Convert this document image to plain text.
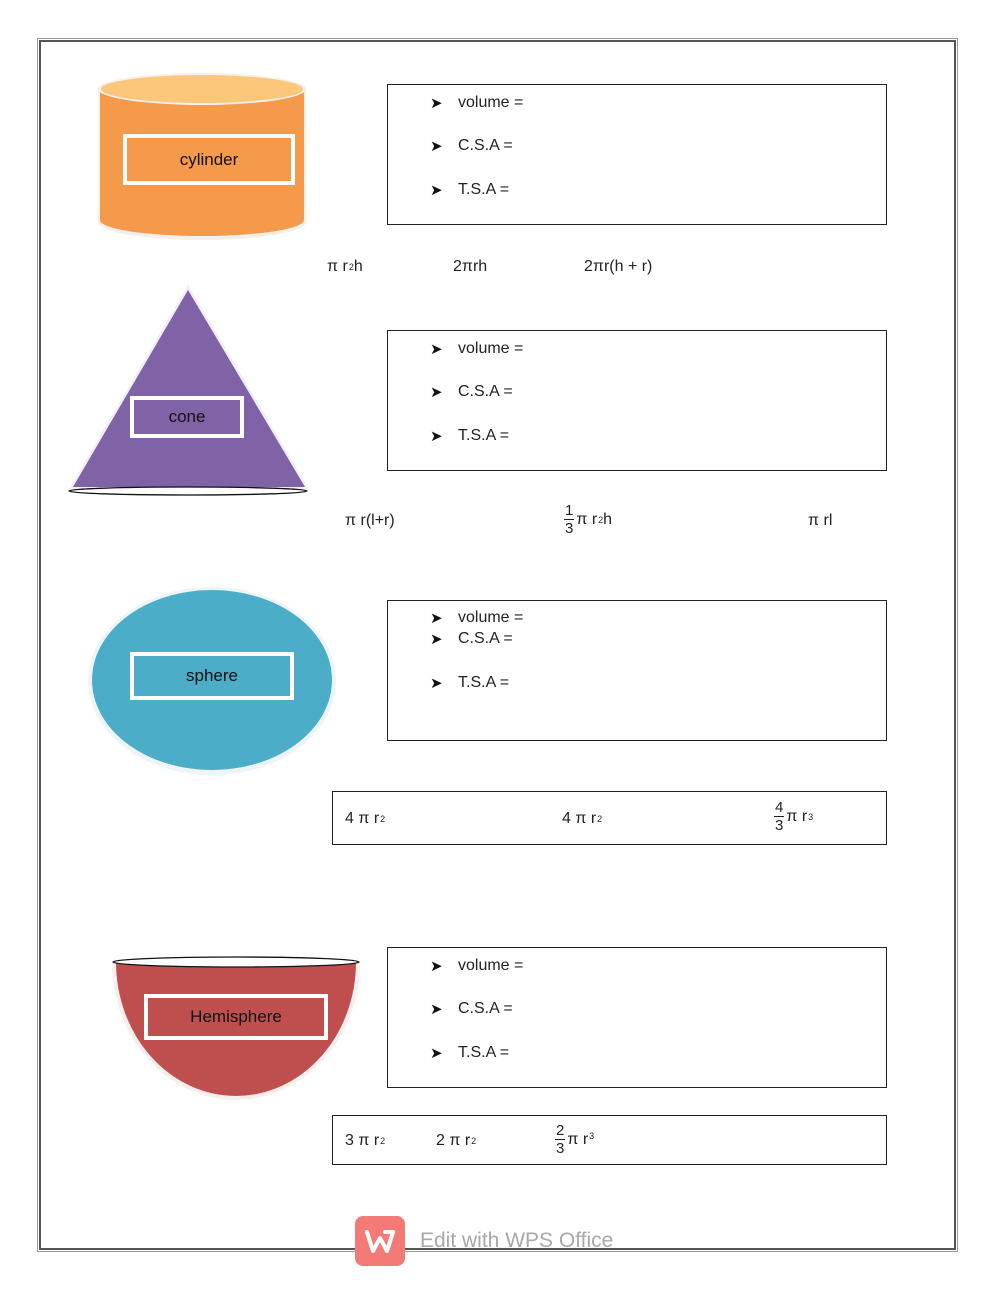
cylinder
➤ volume =
➤ C.S.A =
➤ T.S.A =
π r 2 h	2πrh	2πr(h + r)
cone
➤ volume =
➤ C.S.A =
➤ T.S.A =
π r(l+r)	$\frac{1}{3}$ π r 2 h	π rl
sphere
➤ volume =
➤ C.S.A =
➤ T.S.A =
4 π r 2	4 π r 2	$\frac{4}{3}$ π r 3
Hemisphere
➤ volume =
➤ C.S.A =
➤ T.S.A =
3 π r 2	2 π r 2	$\frac{2}{3}$ π $r^3$
Edit with WPS Office
